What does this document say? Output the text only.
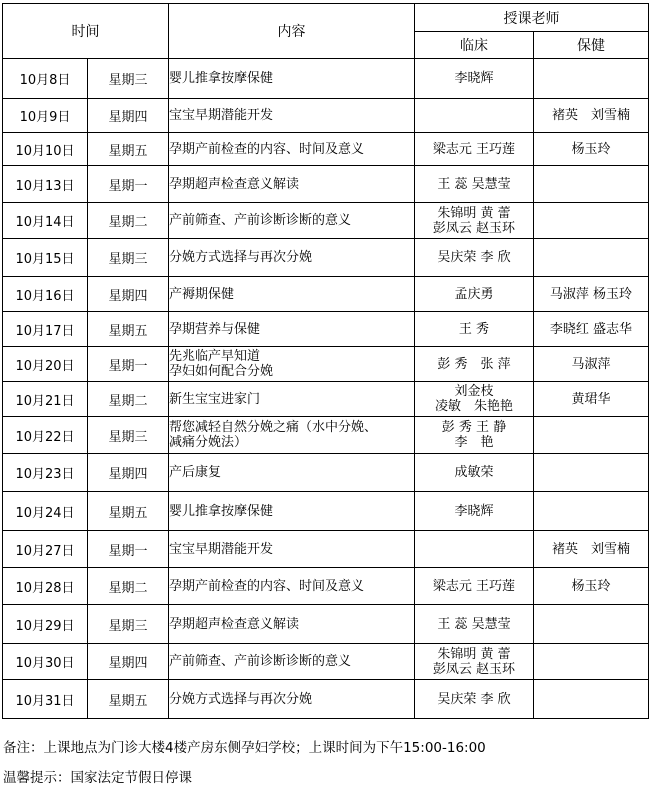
时间		内容	授课老师	
			临床	保健
10月8日	星期三	婴儿推拿按摩保健	李晓辉	

10月9日	星期四	宝宝早期潜能开发		褚英　刘雪楠

10月10日	星期五	孕期产前检查的内容、时间及意义	梁志元 王巧莲	杨玉玲

10月13日	星期一	孕期超声检查意义解读	王 蕊 吴慧莹	

10月14日	星期二	产前筛查、产前诊断诊断的意义	朱锦明 黄 蕾
彭凤云 赵玉环	

10月15日	星期三	分娩方式选择与再次分娩	吴庆荣 李 欣	

10月16日	星期四	产褥期保健	孟庆勇	马淑萍 杨玉玲

10月17日	星期五	孕期营养与保健	王 秀	李晓红 盛志华

10月20日	星期一	先兆临产早知道
孕妇如何配合分娩	彭 秀　张 萍	马淑萍

10月21日	星期二	新生宝宝进家门	刘金枝
凌敏　朱艳艳	黄珺华

10月22日	星期三	帮您减轻自然分娩之痛（水中分娩、
减痛分娩法）	彭 秀 王 静
李　艳	

10月23日	星期四	产后康复	成敏荣	

10月24日	星期五	婴儿推拿按摩保健	李晓辉	

10月27日	星期一	宝宝早期潜能开发		褚英　刘雪楠

10月28日	星期二	孕期产前检查的内容、时间及意义	梁志元 王巧莲	杨玉玲

10月29日	星期三	孕期超声检查意义解读	王 蕊 吴慧莹	

10月30日	星期四	产前筛查、产前诊断诊断的意义	朱锦明 黄 蕾
彭凤云 赵玉环	

10月31日	星期五	分娩方式选择与再次分娩	吴庆荣 李 欣	

备注：上课地点为门诊大楼4楼产房东侧孕妇学校；上课时间为下午15:00-16:00
温馨提示：国家法定节假日停课
